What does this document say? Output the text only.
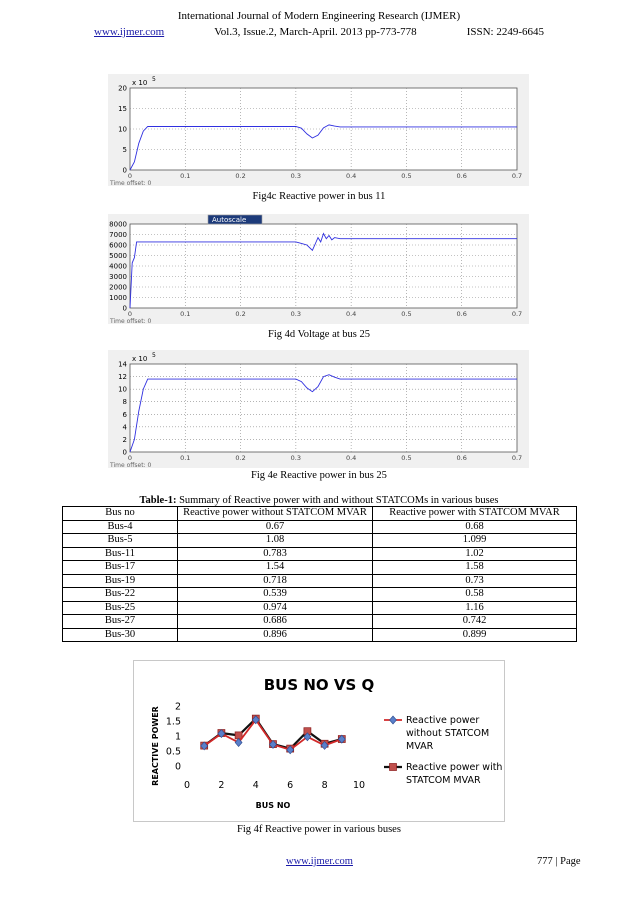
International Journal of Modern Engineering Research (IJMER)
www.ijmer.com	Vol.3, Issue.2, March-April. 2013 pp-773-778	ISSN: 2249-6645
0
5
10
15
20
0	0.1	0.2	0.3	0.4	0.5	0.6	0.7
x 10 5
Time offset: 0
Fig4c Reactive power in bus 11
0
1000
2000
3000
4000
5000
6000
7000
8000
0	0.1	0.2	0.3	0.4	0.5	0.6	0.7
Autoscale
Time offset: 0
Fig 4d Voltage at bus 25
0
2
4
6
8
10
12
14
0	0.1	0.2	0.3	0.4	0.5	0.6	0.7
x 10 5
Time offset: 0
Fig 4e Reactive power in bus 25
Table-1: Summary of Reactive power with and without STATCOMs in various buses
Bus no	Reactive power without STATCOM MVAR	Reactive power with STATCOM MVAR
Bus-4	0.67	0.68
Bus-5	1.08	1.099
Bus-11	0.783	1.02
Bus-17	1.54	1.58
Bus-19	0.718	0.73
Bus-22	0.539	0.58
Bus-25	0.974	1.16
Bus-27	0.686	0.742
Bus-30	0.896	0.899
BUS NO VS Q
0
0.5
1
1.5
2
0	2	4	6	8	10
BUS NO
REACTIVE POWER	Reactive power without STATCOM MVAR
Reactive power with STATCOM MVAR
Fig 4f Reactive power in various buses
www.ijmer.com	777 | Page
